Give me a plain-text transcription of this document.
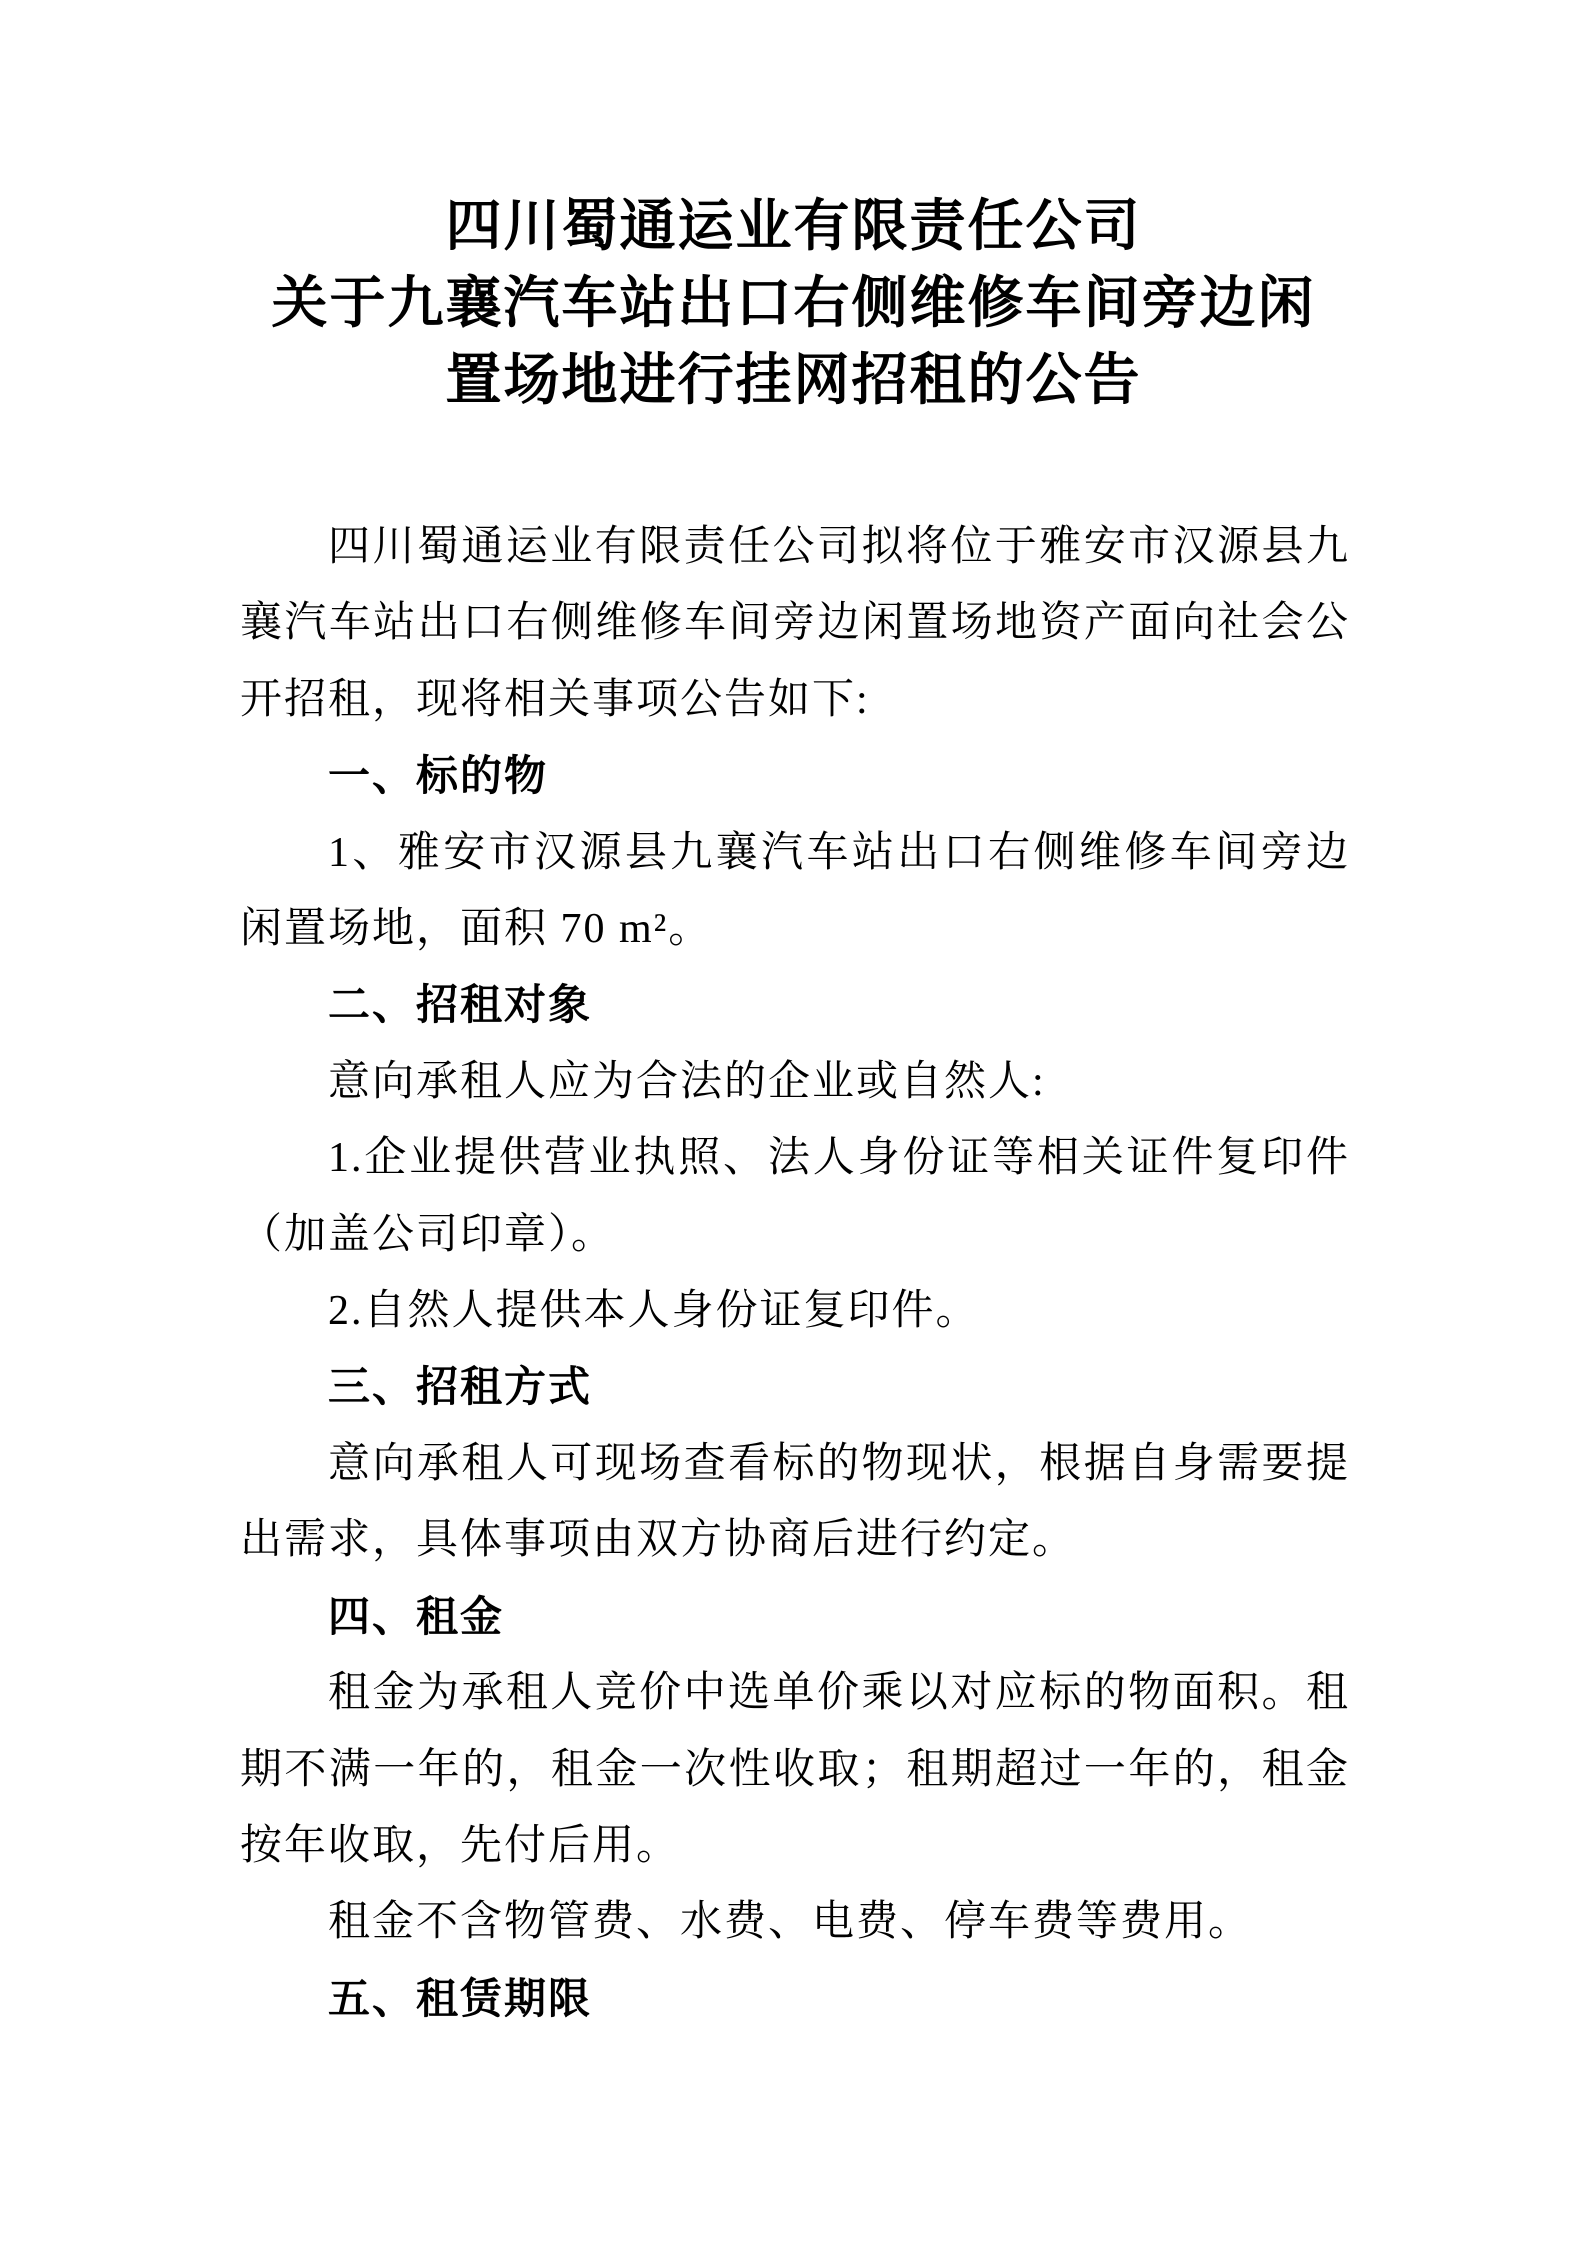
四川蜀通运业有限责任公司
关于九襄汽车站出口右侧维修车间旁边闲置场地进行挂网招租的公告

四川蜀通运业有限责任公司拟将位于雅安市汉源县九襄汽车站出口右侧维修车间旁边闲置场地资产面向社会公开招租，现将相关事项公告如下:

一、标的物

1、雅安市汉源县九襄汽车站出口右侧维修车间旁边闲置场地，面积 70 m²。

二、招租对象

意向承租人应为合法的企业或自然人:

1.企业提供营业执照、法人身份证等相关证件复印件（加盖公司印章）。

2.自然人提供本人身份证复印件。

三、招租方式

意向承租人可现场查看标的物现状，根据自身需要提出需求，具体事项由双方协商后进行约定。

四、租金

租金为承租人竞价中选单价乘以对应标的物面积。租期不满一年的，租金一次性收取；租期超过一年的，租金按年收取，先付后用。

租金不含物管费、水费、电费、停车费等费用。

五、租赁期限
